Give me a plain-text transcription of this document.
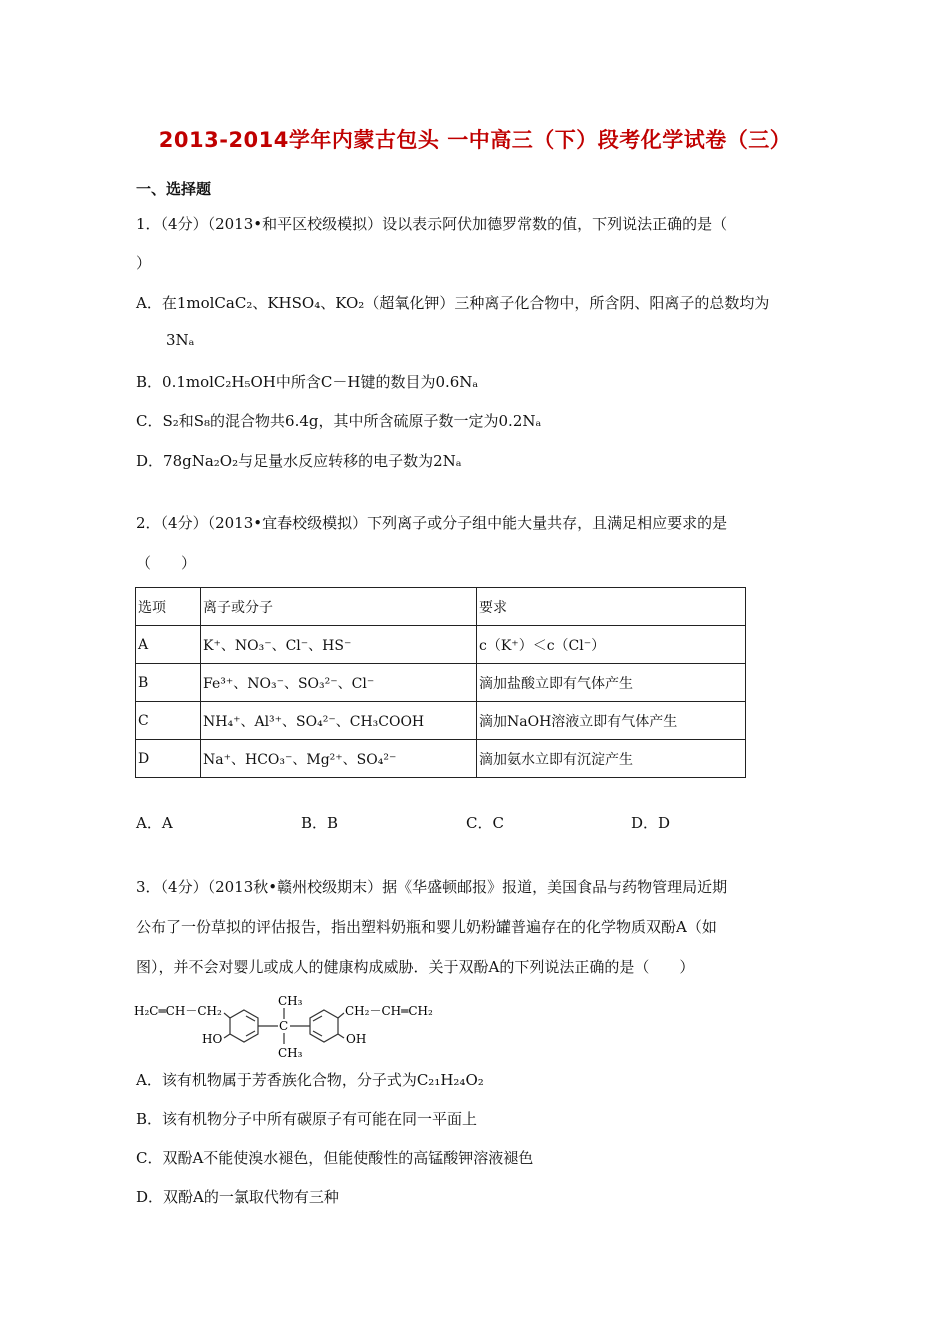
2013-2014学年内蒙古包头 一中高三（下）段考化学试卷（三）
一、选择题
1．（4分）（2013•和平区校级模拟）设以表示阿伏加德罗常数的值，下列说法正确的是（
）
A．在1molCaC₂、KHSO₄、KO₂（超氧化钾）三种离子化合物中，所含阴、阳离子的总数均为
3Nₐ
B．0.1molC₂H₅OH中所含C－H键的数目为0.6Nₐ
C．S₂和S₈的混合物共6.4g，其中所含硫原子数一定为0.2Nₐ
D．78gNa₂O₂与足量水反应转移的电子数为2Nₐ
2．（4分）（2013•宜春校级模拟）下列离子或分子组中能大量共存，且满足相应要求的是
（　　）
选项	离子或分子	要求
A	K⁺、NO₃⁻、Cl⁻、HS⁻	c（K⁺）＜c（Cl⁻）
B	Fe³⁺、NO₃⁻、SO₃²⁻、Cl⁻	滴加盐酸立即有气体产生
C	NH₄⁺、Al³⁺、SO₄²⁻、CH₃COOH	滴加NaOH溶液立即有气体产生
D	Na⁺、HCO₃⁻、Mg²⁺、SO₄²⁻	滴加氨水立即有沉淀产生
A．A	B．B	C．C	D．D
3．（4分）（2013秋•赣州校级期末）据《华盛顿邮报》报道，美国食品与药物管理局近期
公布了一份草拟的评估报告，指出塑料奶瓶和婴儿奶粉罐普遍存在的化学物质双酚A（如
图），并不会对婴儿或成人的健康构成威胁．关于双酚A的下列说法正确的是（　　）
H₂C═CH－CH₂
HO
CH₃
C
CH₃
CH₂－CH═CH₂
OH
A．该有机物属于芳香族化合物，分子式为C₂₁H₂₄O₂
B．该有机物分子中所有碳原子有可能在同一平面上
C．双酚A不能使溴水褪色，但能使酸性的高锰酸钾溶液褪色
D．双酚A的一氯取代物有三种
